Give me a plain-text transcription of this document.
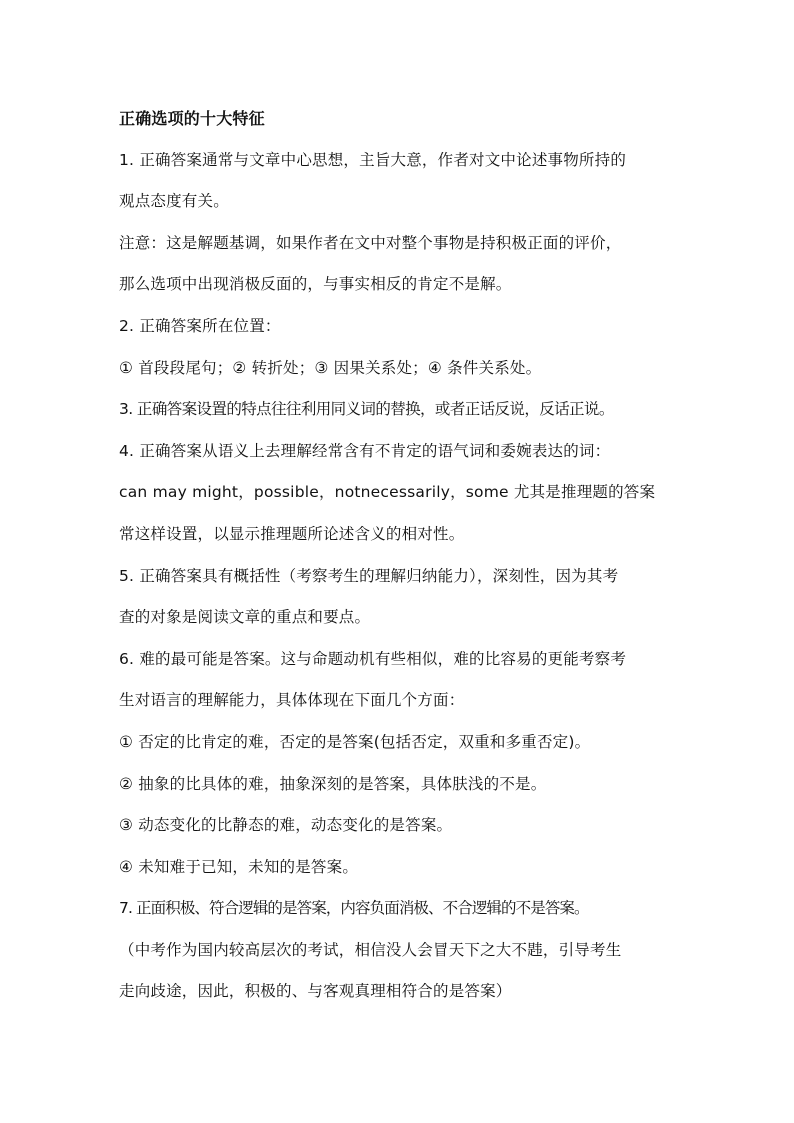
正确选项的十大特征
1. 正确答案通常与文章中心思想，主旨大意，作者对文中论述事物所持的
观点态度有关。
注意：这是解题基调，如果作者在文中对整个事物是持积极正面的评价，
那么选项中出现消极反面的，与事实相反的肯定不是解。
2. 正确答案所在位置：
① 首段段尾句；② 转折处；③ 因果关系处；④ 条件关系处。
3. 正确答案设置的特点往往利用同义词的替换，或者正话反说，反话正说。
4. 正确答案从语义上去理解经常含有不肯定的语气词和委婉表达的词：
can may might，possible，notnecessarily，some 尤其是推理题的答案
常这样设置，以显示推理题所论述含义的相对性。
5. 正确答案具有概括性（考察考生的理解归纳能力），深刻性，因为其考
查的对象是阅读文章的重点和要点。
6. 难的最可能是答案。这与命题动机有些相似，难的比容易的更能考察考
生对语言的理解能力，具体体现在下面几个方面：
① 否定的比肯定的难，否定的是答案(包括否定，双重和多重否定)。
② 抽象的比具体的难，抽象深刻的是答案，具体肤浅的不是。
③ 动态变化的比静态的难，动态变化的是答案。
④ 未知难于已知，未知的是答案。
7. 正面积极、符合逻辑的是答案，内容负面消极、不合逻辑的不是答案。
（中考作为国内较高层次的考试，相信没人会冒天下之大不韪，引导考生
走向歧途，因此，积极的、与客观真理相符合的是答案）
